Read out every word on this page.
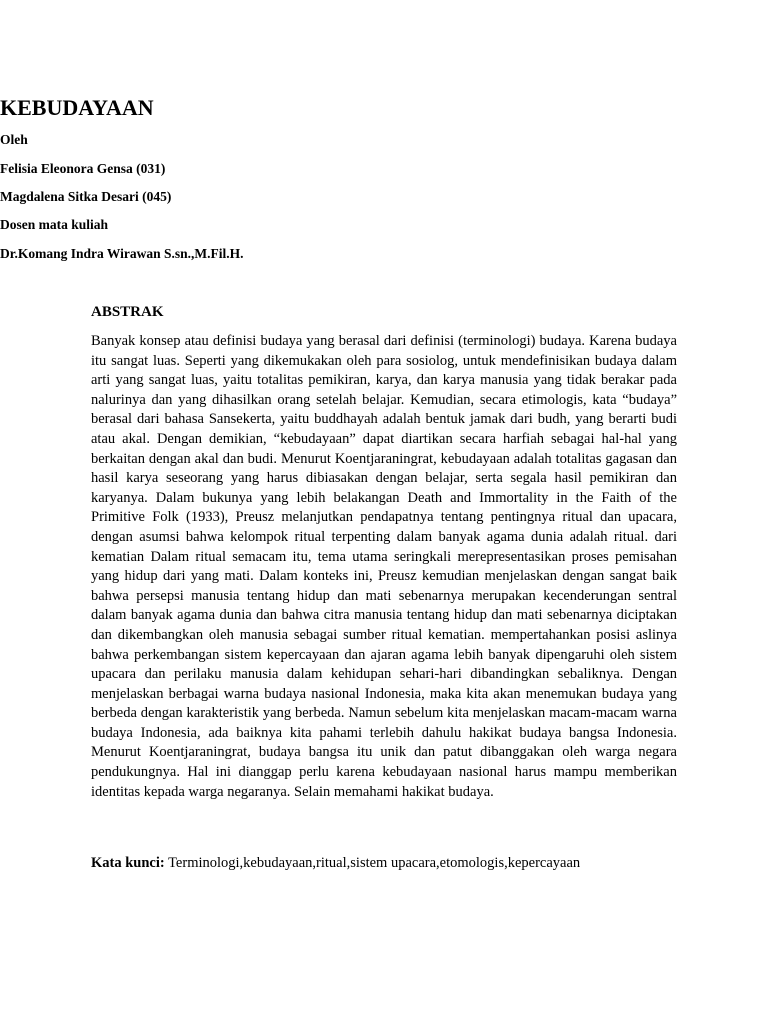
KEBUDAYAAN

Oleh

Felisia Eleonora Gensa (031)

Magdalena Sitka Desari (045)

Dosen mata kuliah

Dr.Komang Indra Wirawan S.sn.,M.Fil.H.

ABSTRAK

Banyak konsep atau definisi budaya yang berasal dari definisi (terminologi) budaya. Karena budaya itu sangat luas. Seperti yang dikemukakan oleh para sosiolog, untuk mendefinisikan budaya dalam arti yang sangat luas, yaitu totalitas pemikiran, karya, dan karya manusia yang tidak berakar pada nalurinya dan yang dihasilkan orang setelah belajar. Kemudian, secara etimologis, kata “budaya” berasal dari bahasa Sansekerta, yaitu buddhayah adalah bentuk jamak dari budh, yang berarti budi atau akal. Dengan demikian, “kebudayaan” dapat diartikan secara harfiah sebagai hal-hal yang berkaitan dengan akal dan budi. Menurut Koentjaraningrat, kebudayaan adalah totalitas gagasan dan hasil karya seseorang yang harus dibiasakan dengan belajar, serta segala hasil pemikiran dan karyanya. Dalam bukunya yang lebih belakangan Death and Immortality in the Faith of the Primitive Folk (1933), Preusz melanjutkan pendapatnya tentang pentingnya ritual dan upacara, dengan asumsi bahwa kelompok ritual terpenting dalam banyak agama dunia adalah ritual. dari kematian Dalam ritual semacam itu, tema utama seringkali merepresentasikan proses pemisahan yang hidup dari yang mati. Dalam konteks ini, Preusz kemudian menjelaskan dengan sangat baik bahwa persepsi manusia tentang hidup dan mati sebenarnya merupakan kecenderungan sentral dalam banyak agama dunia dan bahwa citra manusia tentang hidup dan mati sebenarnya diciptakan dan dikembangkan oleh manusia sebagai sumber ritual kematian. mempertahankan posisi aslinya bahwa perkembangan sistem kepercayaan dan ajaran agama lebih banyak dipengaruhi oleh sistem upacara dan perilaku manusia dalam kehidupan sehari-hari dibandingkan sebaliknya. Dengan menjelaskan berbagai warna budaya nasional Indonesia, maka kita akan menemukan budaya yang berbeda dengan karakteristik yang berbeda. Namun sebelum kita menjelaskan macam-macam warna budaya Indonesia, ada baiknya kita pahami terlebih dahulu hakikat budaya bangsa Indonesia. Menurut Koentjaraningrat, budaya bangsa itu unik dan patut dibanggakan oleh warga negara pendukungnya. Hal ini dianggap perlu karena kebudayaan nasional harus mampu memberikan identitas kepada warga negaranya. Selain memahami hakikat budaya.

Kata kunci: Terminologi,kebudayaan,ritual,sistem upacara,etomologis,kepercayaan
